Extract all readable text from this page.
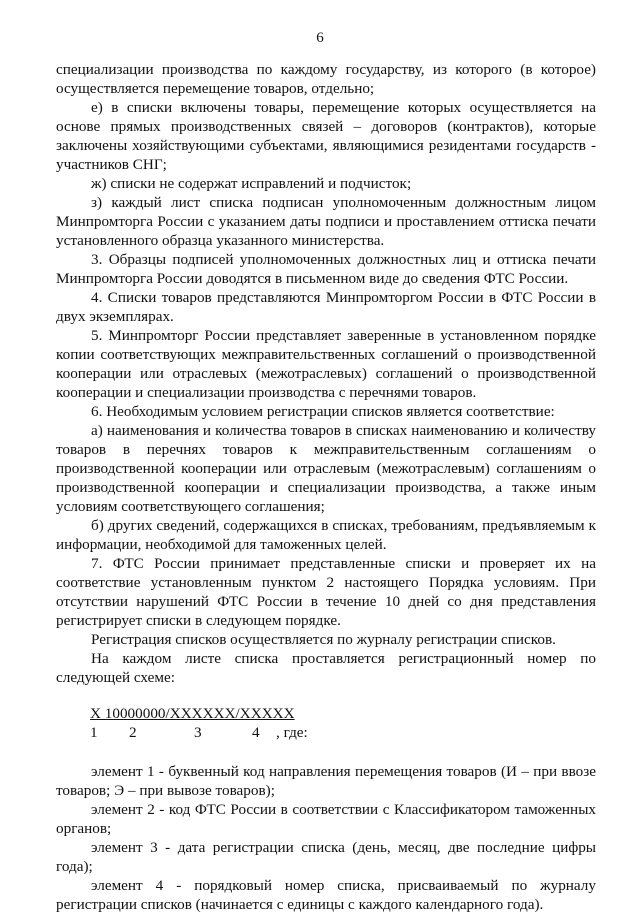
6

специализации производства по каждому государству, из которого (в которое) осуществляется перемещение товаров, отдельно;

е) в списки включены товары, перемещение которых осуществляется на основе прямых производственных связей – договоров (контрактов), которые заключены хозяйствующими субъектами, являющимися резидентами государств - участников СНГ;

ж) списки не содержат исправлений и подчисток;

з) каждый лист списка подписан уполномоченным должностным лицом Минпромторга России с указанием даты подписи и проставлением оттиска печати установленного образца указанного министерства.

3. Образцы подписей уполномоченных должностных лиц и оттиска печати Минпромторга России доводятся в письменном виде до сведения ФТС России.

4. Списки товаров представляются Минпромторгом России в ФТС России в двух экземплярах.

5. Минпромторг России представляет заверенные в установленном порядке копии соответствующих межправительственных соглашений о производственной кооперации или отраслевых (межотраслевых) соглашений о производственной кооперации и специализации производства с перечнями товаров.

6. Необходимым условием регистрации списков является соответствие:

а) наименования и количества товаров в списках наименованию и количеству товаров в перечнях товаров к межправительственным соглашениям о производственной кооперации или отраслевым (межотраслевым) соглашениям о производственной кооперации и специализации производства, а также иным условиям соответствующего соглашения;

б) других сведений, содержащихся в списках, требованиям, предъявляемым к информации, необходимой для таможенных целей.

7. ФТС России принимает представленные списки и проверяет их на соответствие установленным пунктом 2 настоящего Порядка условиям. При отсутствии нарушений ФТС России в течение 10 дней со дня представления регистрирует списки в следующем порядке.

Регистрация списков осуществляется по журналу регистрации списков.

На каждом листе списка проставляется регистрационный номер по следующей схеме:

Х 10000000/ХХХХХХ/ХХХХХ
1 2	3	4 , где:

элемент 1 - буквенный код направления перемещения товаров (И – при ввозе товаров; Э – при вывозе товаров);

элемент 2 - код ФТС России в соответствии с Классификатором таможенных органов;

элемент 3 - дата регистрации списка (день, месяц, две последние цифры года);

элемент 4 - порядковый номер списка, присваиваемый по журналу регистрации списков (начинается с единицы с каждого календарного года).
